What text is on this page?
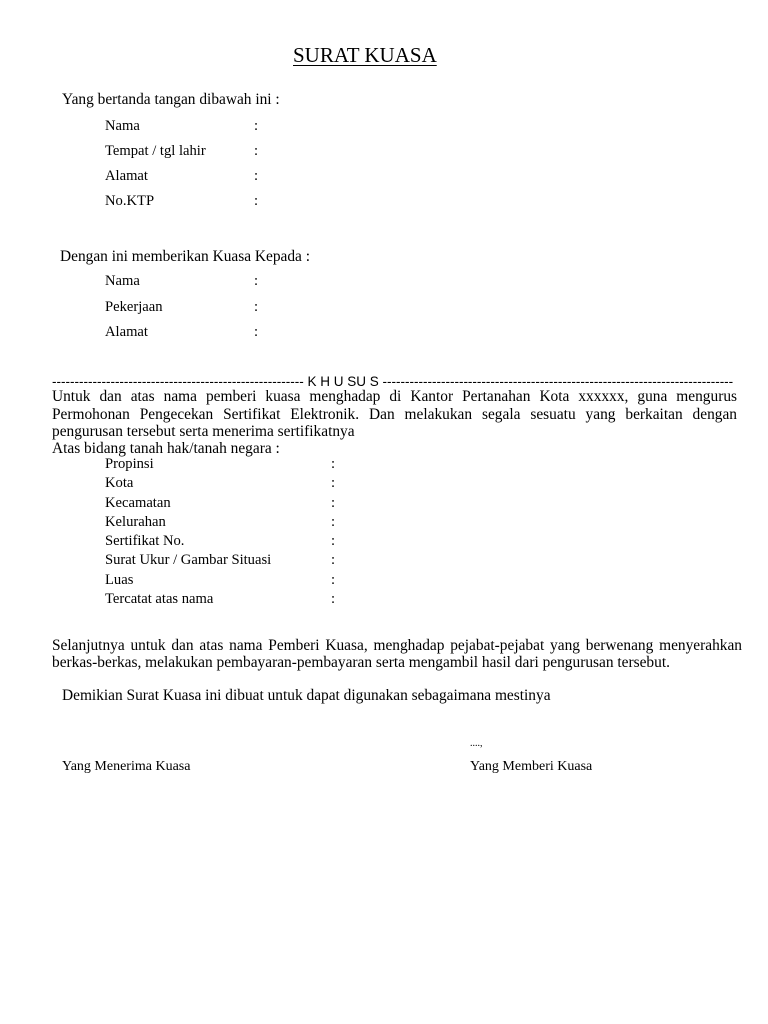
SURAT KUASA
Yang bertanda tangan dibawah ini :
Nama	:
Tempat / tgl lahir	:
Alamat	:
No.KTP	:
Dengan ini memberikan Kuasa Kepada :
Nama	:
Pekerjaan	:
Alamat	:
-------------------------------------------------------- K H U SU S ------------------------------------------------------------------------------
Untuk dan atas nama pemberi kuasa menghadap di Kantor Pertanahan Kota xxxxxx, guna mengurus Permohonan Pengecekan Sertifikat Elektronik. Dan melakukan segala sesuatu yang berkaitan dengan pengurusan tersebut serta menerima sertifikatnya
Atas bidang tanah hak/tanah negara :
Propinsi	:
Kota	:
Kecamatan	:
Kelurahan	:
Sertifikat No.	:
Surat Ukur / Gambar Situasi	:
Luas	:
Tercatat atas nama	:
Selanjutnya untuk dan atas nama Pemberi Kuasa, menghadap pejabat-pejabat yang berwenang menyerahkan berkas-berkas, melakukan pembayaran-pembayaran serta mengambil hasil dari pengurusan tersebut.
Demikian Surat Kuasa ini dibuat untuk dapat digunakan sebagaimana mestinya
....,
Yang Menerima Kuasa	Yang Memberi Kuasa
